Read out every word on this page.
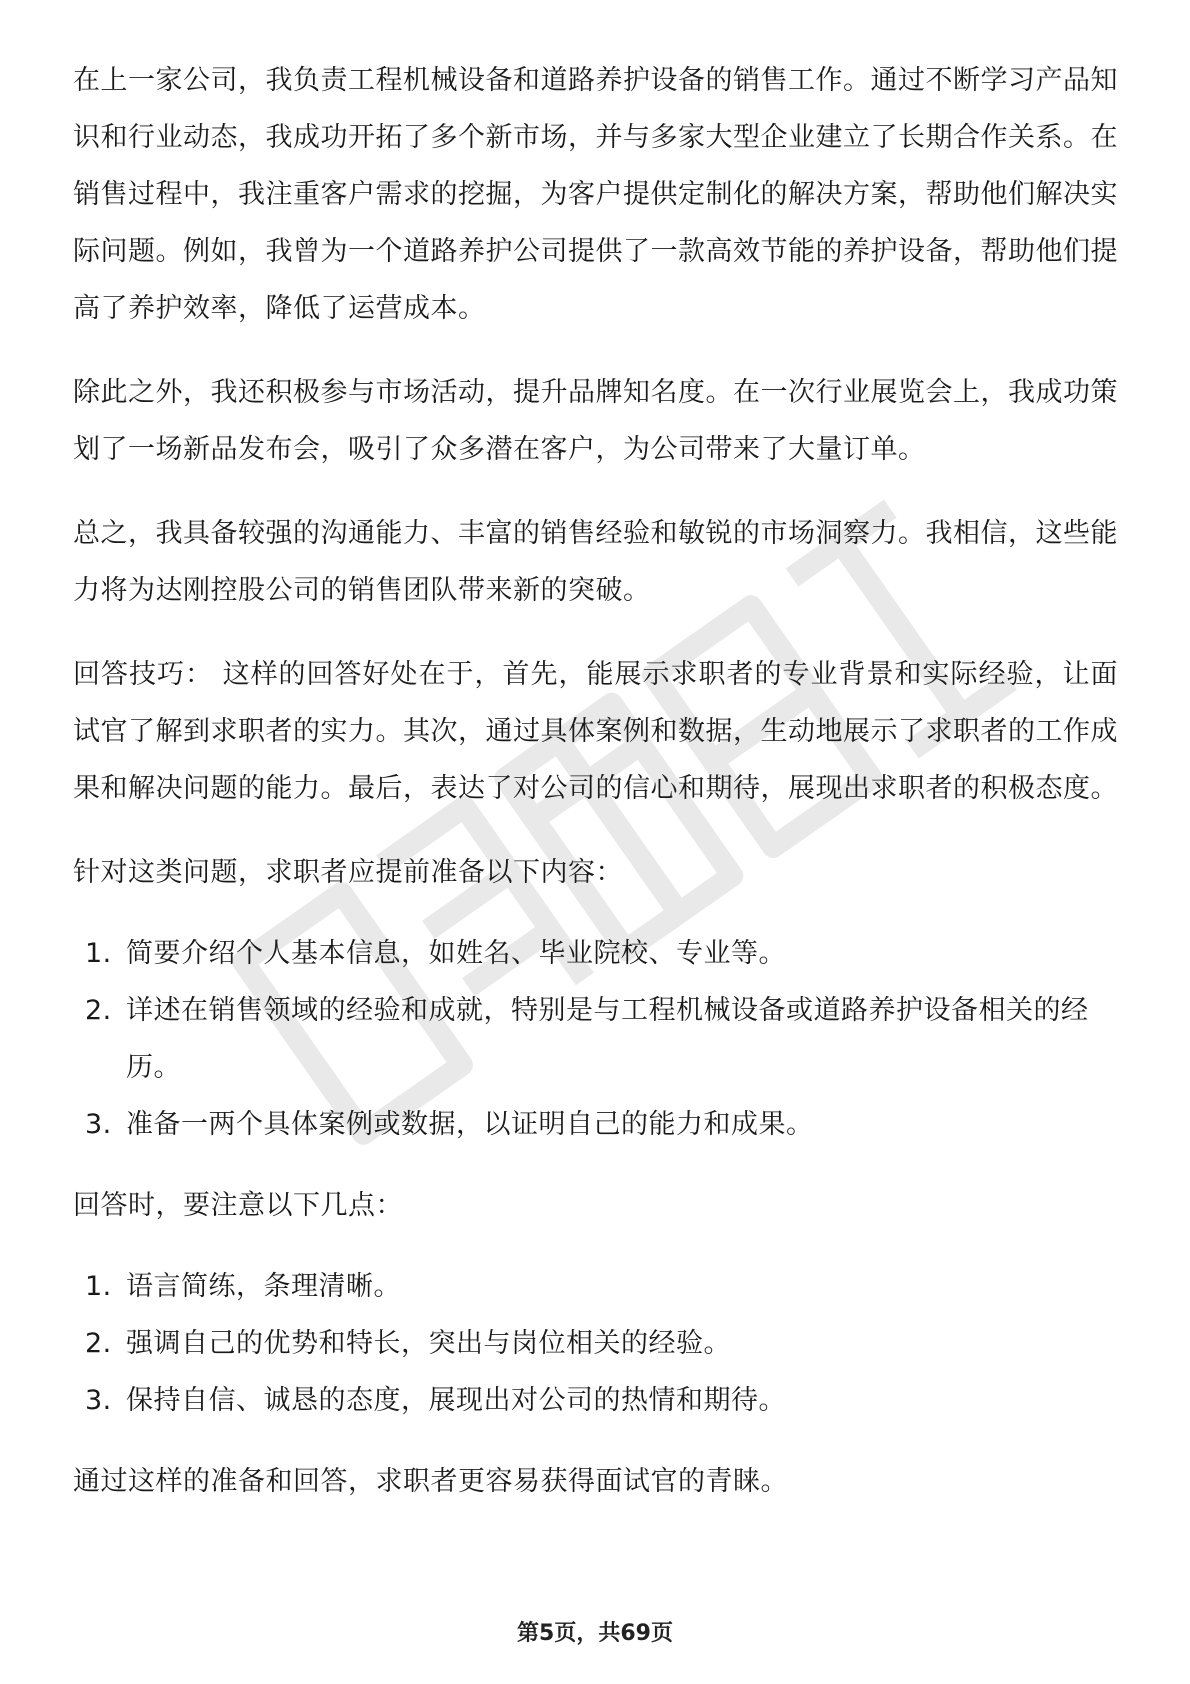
在上一家公司，我负责工程机械设备和道路养护设备的销售工作。通过不断学习产品知识和行业动态，我成功开拓了多个新市场，并与多家大型企业建立了长期合作关系。在销售过程中，我注重客户需求的挖掘，为客户提供定制化的解决方案，帮助他们解决实际问题。例如，我曾为一个道路养护公司提供了一款高效节能的养护设备，帮助他们提高了养护效率，降低了运营成本。

除此之外，我还积极参与市场活动，提升品牌知名度。在一次行业展览会上，我成功策划了一场新品发布会，吸引了众多潜在客户，为公司带来了大量订单。

总之，我具备较强的沟通能力、丰富的销售经验和敏锐的市场洞察力。我相信，这些能力将为达刚控股公司的销售团队带来新的突破。

回答技巧： 这样的回答好处在于，首先，能展示求职者的专业背景和实际经验，让面试官了解到求职者的实力。其次，通过具体案例和数据，生动地展示了求职者的工作成果和解决问题的能力。最后，表达了对公司的信心和期待，展现出求职者的积极态度。

针对这类问题，求职者应提前准备以下内容：

1. 简要介绍个人基本信息，如姓名、毕业院校、专业等。
2. 详述在销售领域的经验和成就，特别是与工程机械设备或道路养护设备相关的经历。
3. 准备一两个具体案例或数据，以证明自己的能力和成果。

回答时，要注意以下几点：

1. 语言简练，条理清晰。
2. 强调自己的优势和特长，突出与岗位相关的经验。
3. 保持自信、诚恳的态度，展现出对公司的热情和期待。

通过这样的准备和回答，求职者更容易获得面试官的青睐。

第5页，共69页
